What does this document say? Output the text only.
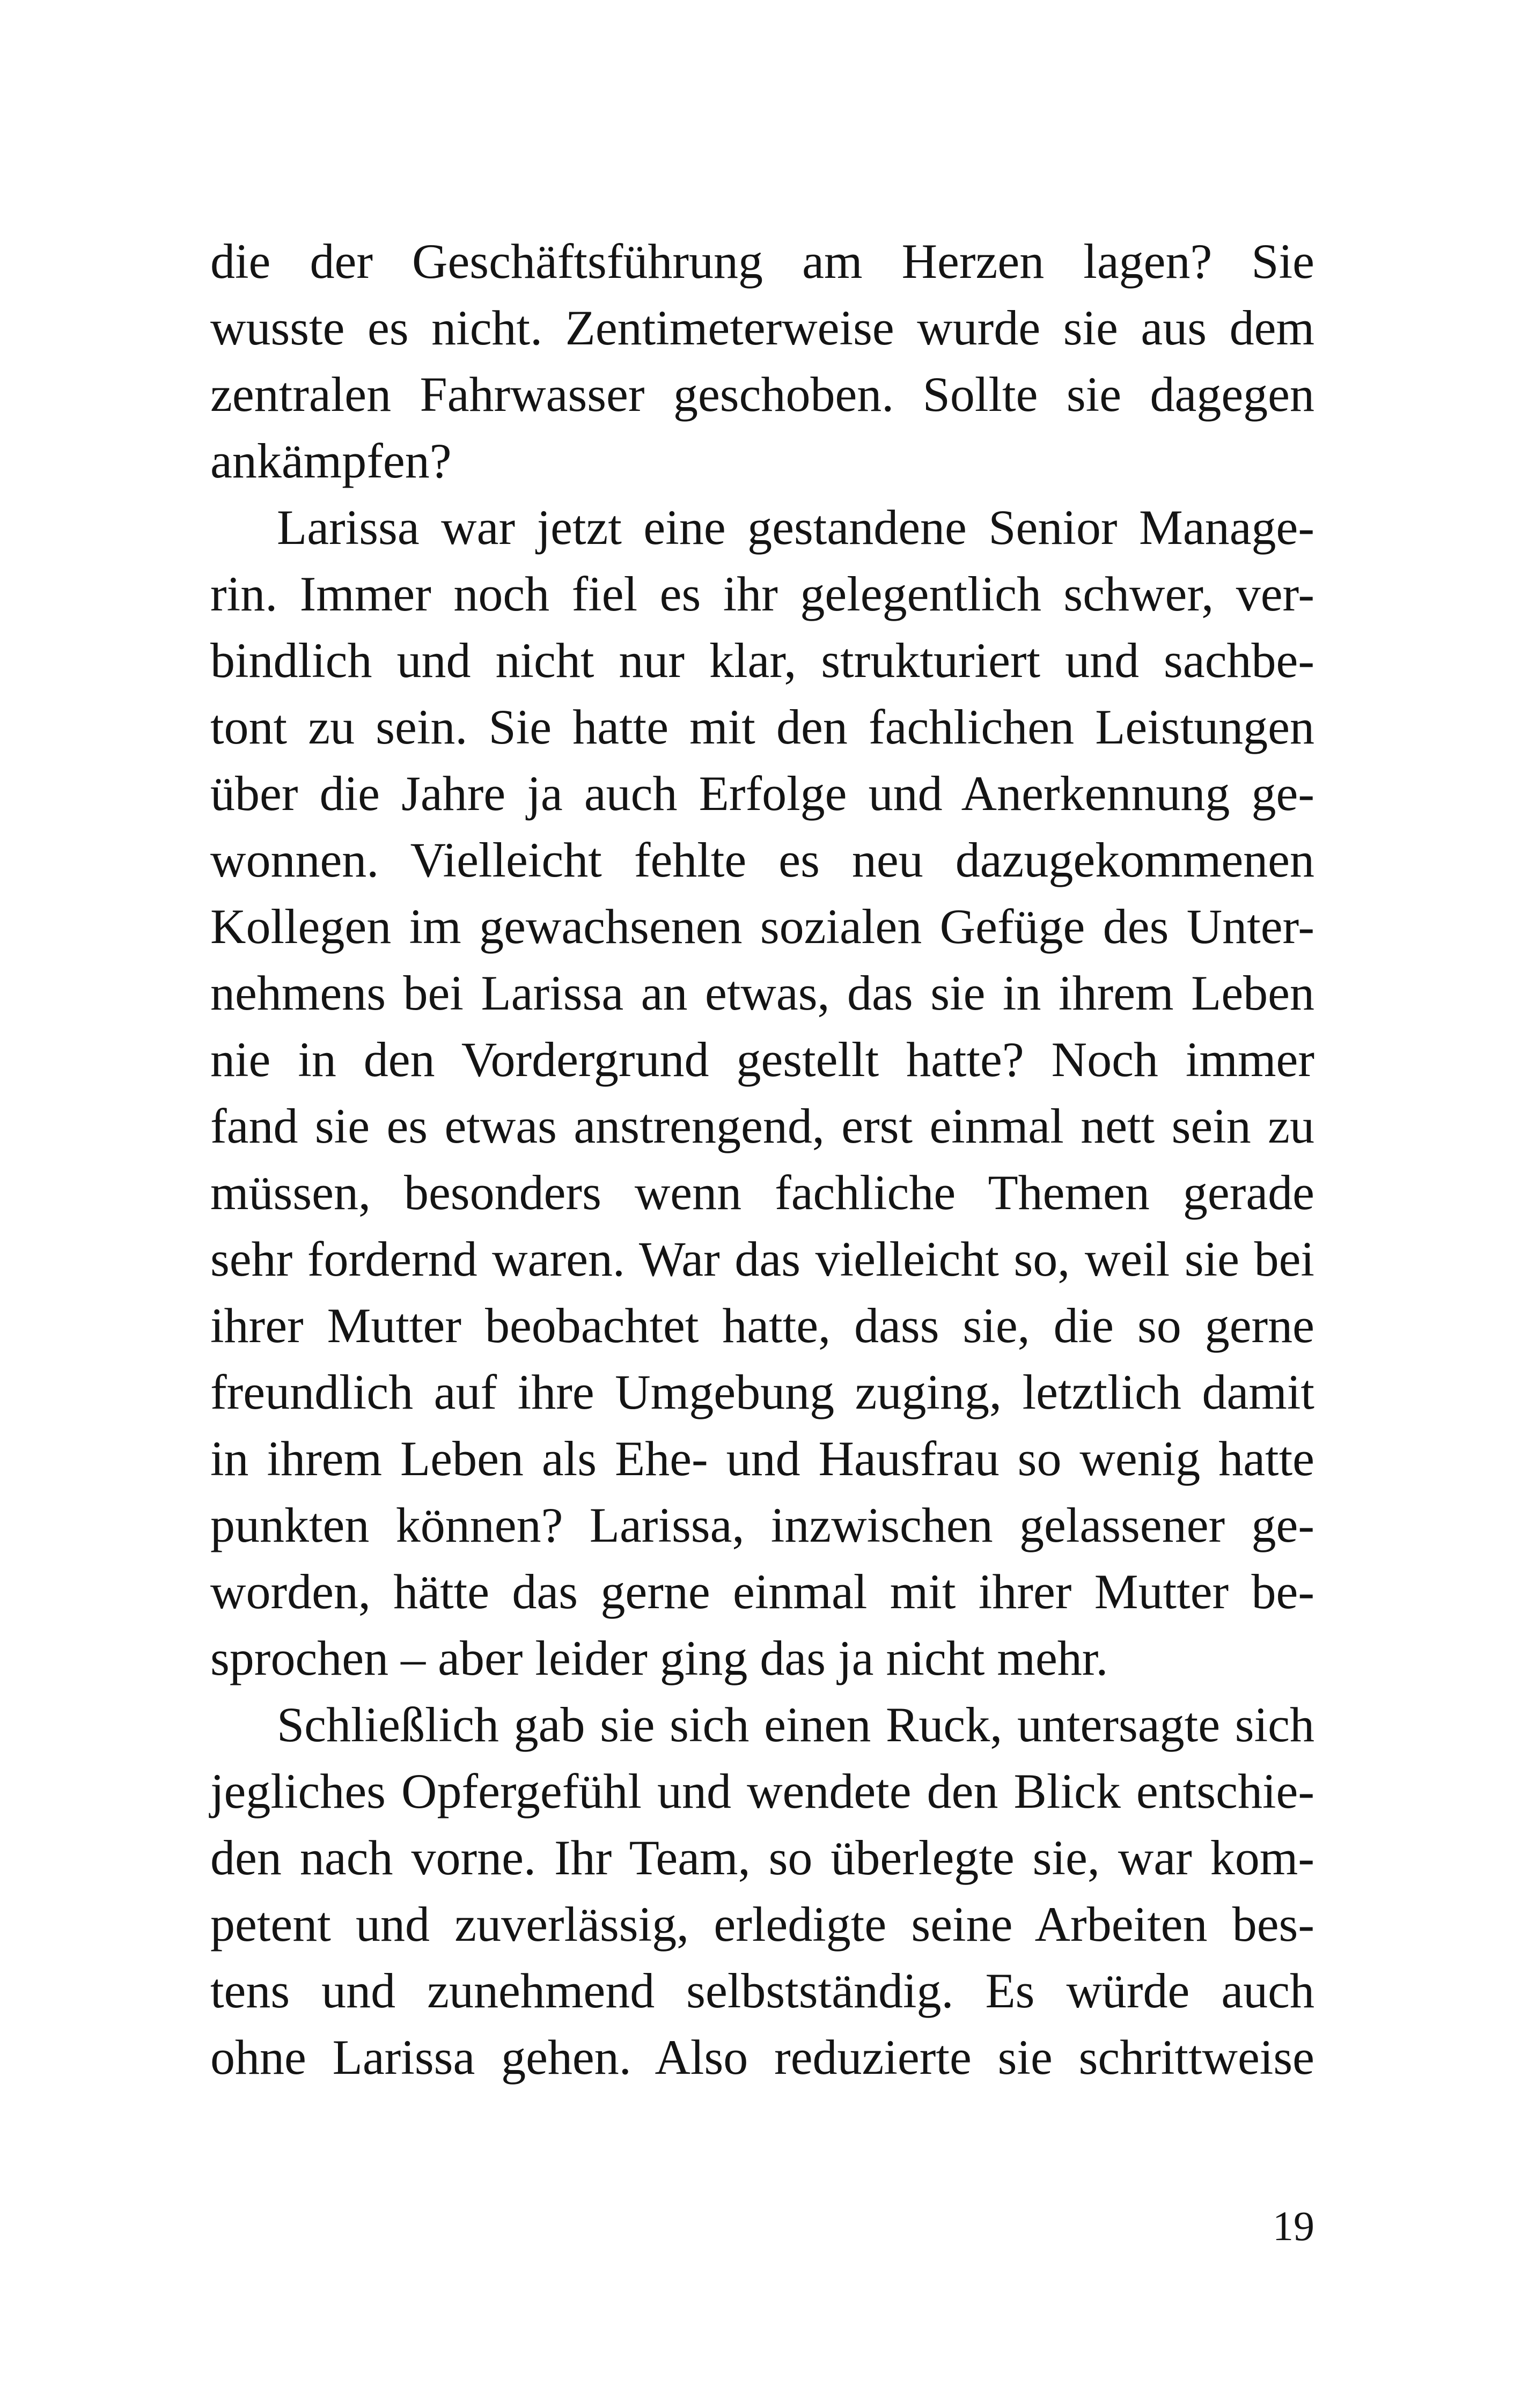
die der Geschäftsführung am Herzen lagen? Sie
wusste es nicht. Zentimeterweise wurde sie aus dem
zentralen Fahrwasser geschoben. Sollte sie dagegen
ankämpfen?
Larissa war jetzt eine gestandene Senior Manage-
rin. Immer noch fiel es ihr gelegentlich schwer, ver-
bindlich und nicht nur klar, strukturiert und sachbe-
tont zu sein. Sie hatte mit den fachlichen Leistungen
über die Jahre ja auch Erfolge und Anerkennung ge-
wonnen. Vielleicht fehlte es neu dazugekommenen
Kollegen im gewachsenen sozialen Gefüge des Unter-
nehmens bei Larissa an etwas, das sie in ihrem Leben
nie in den Vordergrund gestellt hatte? Noch immer
fand sie es etwas anstrengend, erst einmal nett sein zu
müssen, besonders wenn fachliche Themen gerade
sehr fordernd waren. War das vielleicht so, weil sie bei
ihrer Mutter beobachtet hatte, dass sie, die so gerne
freundlich auf ihre Umgebung zuging, letztlich damit
in ihrem Leben als Ehe- und Hausfrau so wenig hatte
punkten können? Larissa, inzwischen gelassener ge-
worden, hätte das gerne einmal mit ihrer Mutter be-
sprochen – aber leider ging das ja nicht mehr.
Schließlich gab sie sich einen Ruck, untersagte sich
jegliches Opfergefühl und wendete den Blick entschie-
den nach vorne. Ihr Team, so überlegte sie, war kom-
petent und zuverlässig, erledigte seine Arbeiten bes-
tens und zunehmend selbstständig. Es würde auch
ohne Larissa gehen. Also reduzierte sie schrittweise
19
